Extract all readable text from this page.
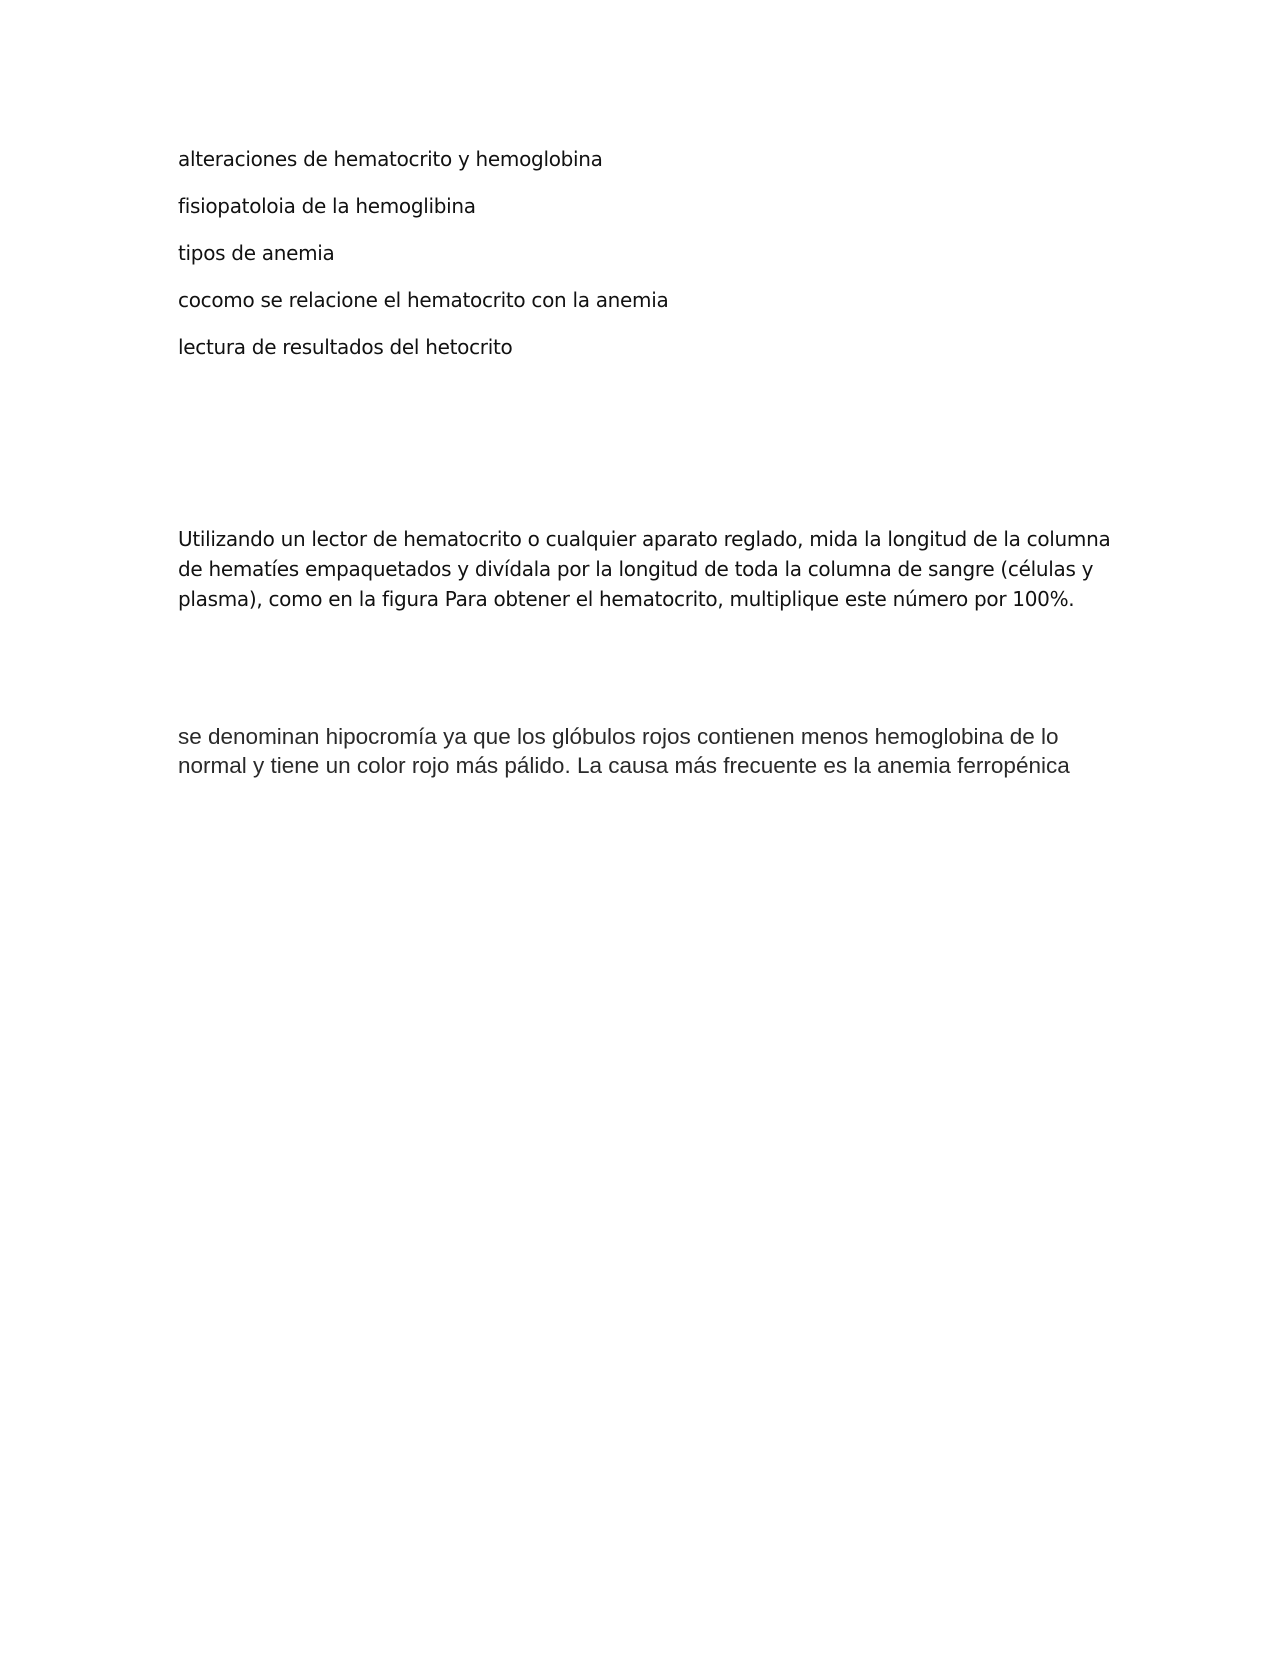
alteraciones de hematocrito y hemoglobina
fisiopatoloia de la hemoglibina
tipos de anemia
cocomo se relacione el hematocrito con la anemia
lectura de resultados del hetocrito

Utilizando un lector de hematocrito o cualquier aparato reglado, mida la longitud de la columna de hematíes empaquetados y divídala por la longitud de toda la columna de sangre (células y plasma), como en la figura Para obtener el hematocrito, multiplique este número por 100%.

se denominan hipocromía ya que los glóbulos rojos contienen menos hemoglobina de lo normal y tiene un color rojo más pálido. La causa más frecuente es la anemia ferropénica
